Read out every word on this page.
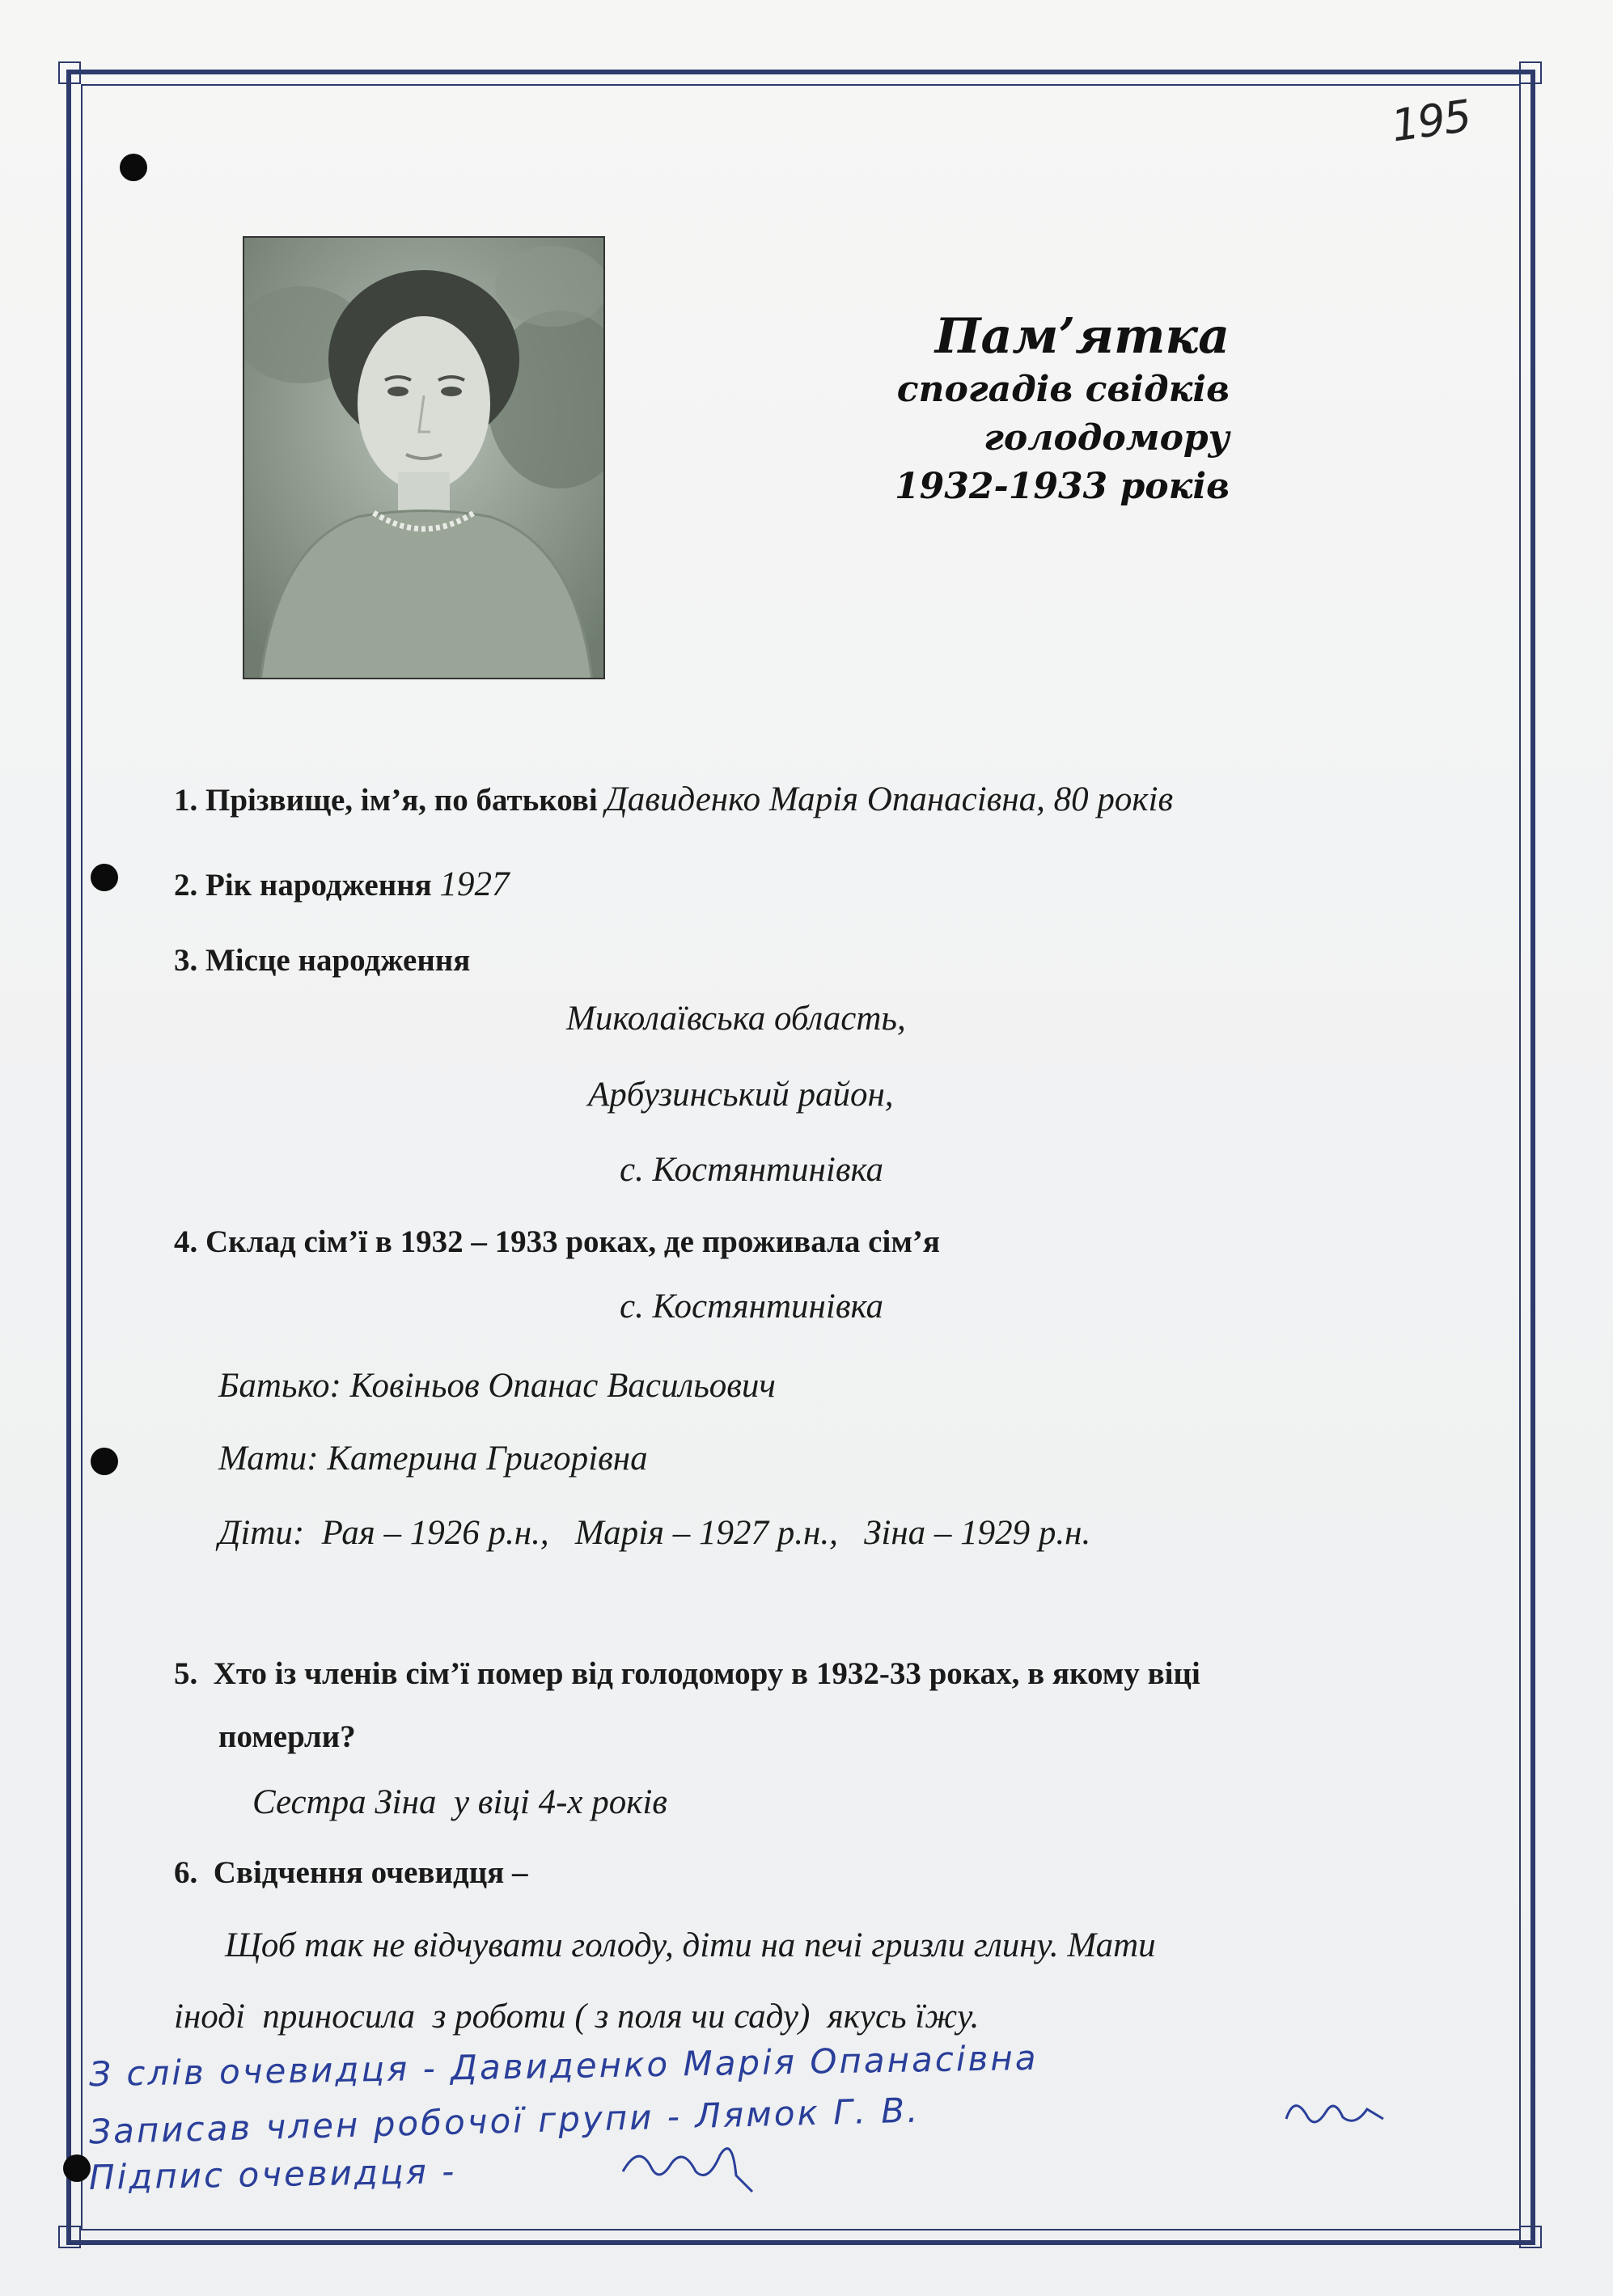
195
Пам’ятка
спогадів свідків
голодомору
1932-1933 років
1. Прізвище, ім’я, по батькові Давиденко Марія Опанасівна, 80 років
2. Рік народження 1927
3. Місце народження
Миколаївська область,
Арбузинський район,
с. Костянтинівка
4. Склад сім’ї в 1932 – 1933 роках, де проживала сім’я
с. Костянтинівка
Батько: Ковіньов Опанас Васильович
Мати: Катерина Григорівна
Діти:  Рая – 1926 р.н.,   Марія – 1927 р.н.,   Зіна – 1929 р.н.
5.  Хто із членів сім’ї помер від голодомору в 1932-33 роках, в якому віці
померли?
Сестра Зіна  у віці 4-х років
6.  Свідчення очевидця –
Щоб так не відчувати голоду, діти на печі гризли глину. Мати
іноді  приносила  з роботи ( з поля чи саду)  якусь їжу.
З слів очевидця - Давиденко Марія Опанасівна
Записав член робочої групи - Лямок Г. В.
Підпис очевидця -
